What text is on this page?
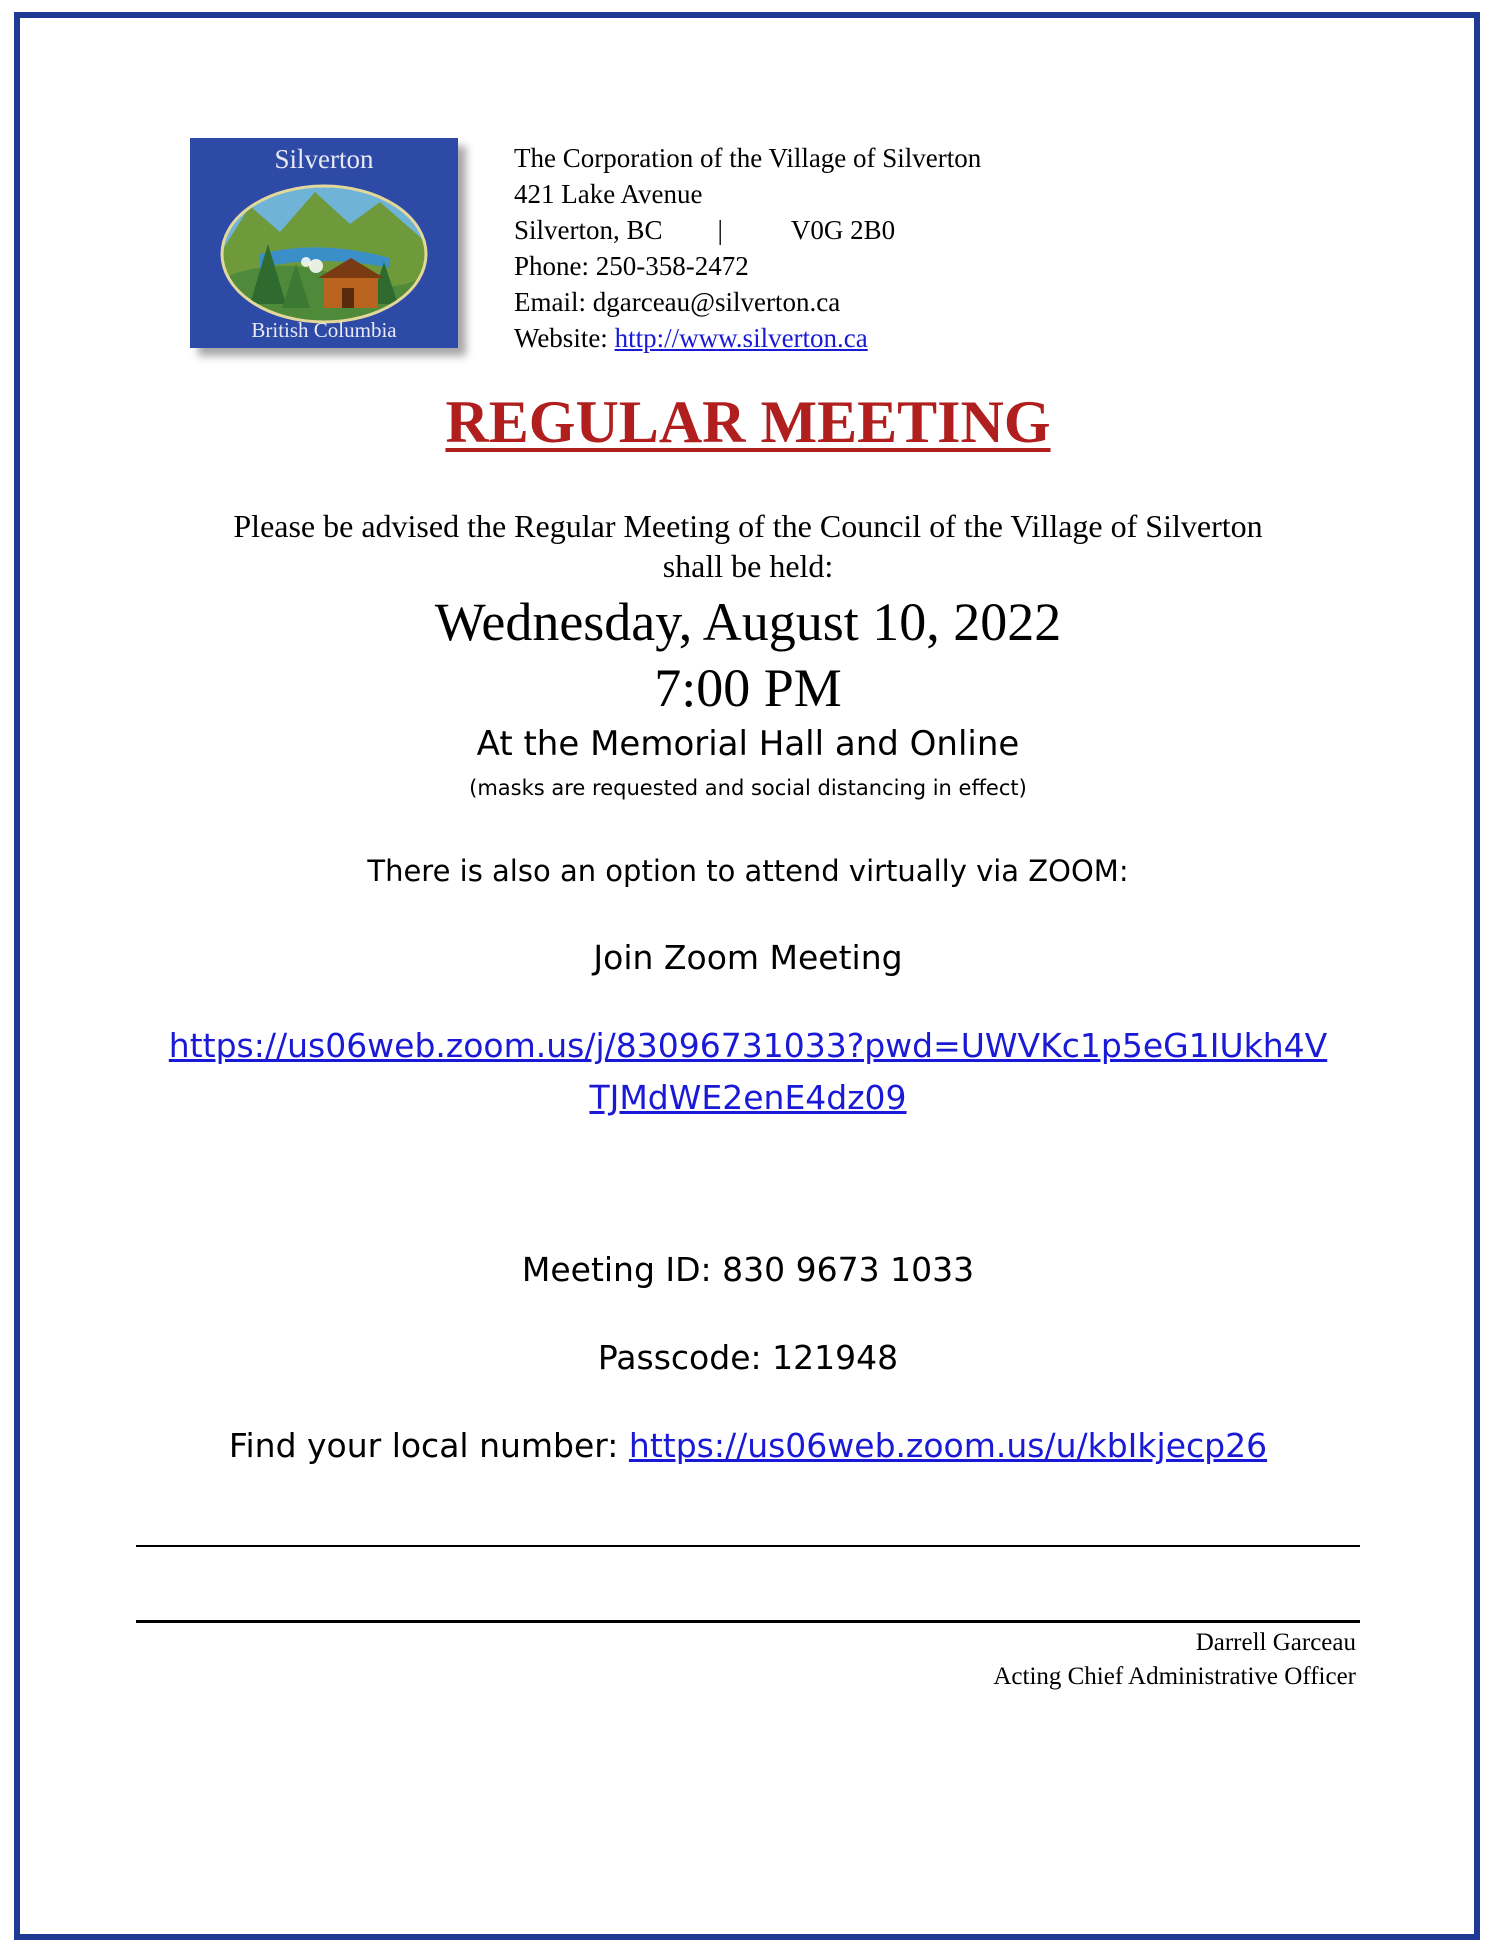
Silverton
British Columbia
The Corporation of the Village of Silverton
421 Lake Avenue
Silverton, BC |	V0G 2B0
Phone: 250-358-2472
Email: dgarceau@silverton.ca
Website: http://www.silverton.ca
REGULAR MEETING
Please be advised the Regular Meeting of the Council of the Village of Silverton
shall be held:
Wednesday, August 10, 2022
7:00 PM
At the Memorial Hall and Online
(masks are requested and social distancing in effect)
There is also an option to attend virtually via ZOOM:
Join Zoom Meeting
https://us06web.zoom.us/j/83096731033?pwd=UWVKc1p5eG1IUkh4V
TJMdWE2enE4dz09
Meeting ID: 830 9673 1033
Passcode: 121948
Find your local number: https://us06web.zoom.us/u/kbIkjecp26
Darrell Garceau
Acting Chief Administrative Officer
